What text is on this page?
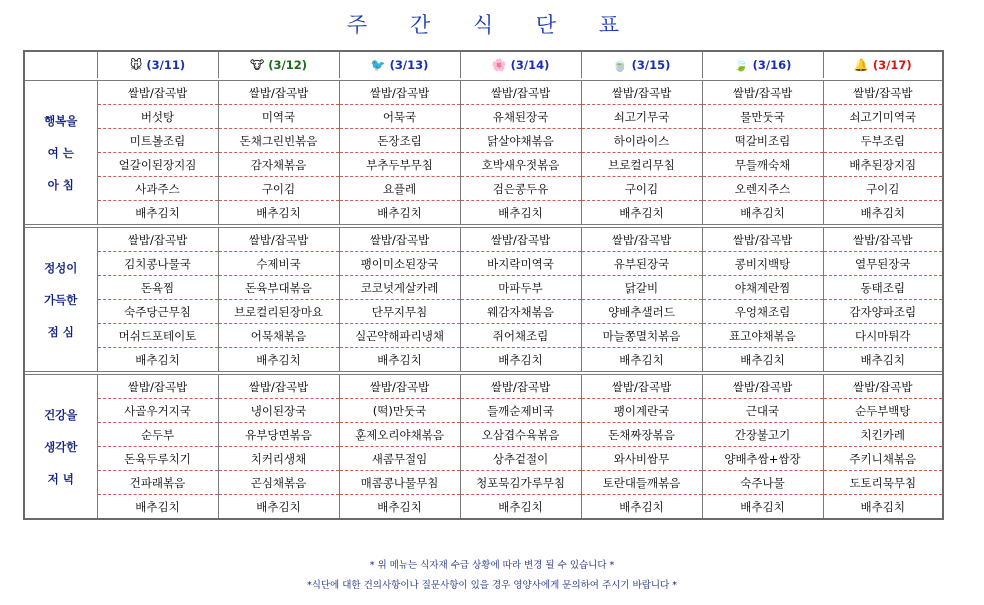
주 간 식 단 표

	🐭 (3/11)	🐮 (3/12)	🐦 (3/13)	🌸 (3/14)	🍵 (3/15)	🍃 (3/16)	🔔 (3/17)

행복을
여 는
아 침	쌀밥/잡곡밥	쌀밥/잡곡밥	쌀밥/잡곡밥	쌀밥/잡곡밥	쌀밥/잡곡밥	쌀밥/잡곡밥	쌀밥/잡곡밥
	버섯탕	미역국	어묵국	유채된장국	쇠고기무국	물만둣국	쇠고기미역국
	미트볼조림	돈채그린빈볶음	돈장조림	닭살야채볶음	하이라이스	떡갈비조림	두부조림
	얼갈이된장지짐	감자채볶음	부추두부무침	호박새우젓볶음	브로컬리무침	무들깨숙채	배추된장지짐
	사과주스	구이김	요플레	검은콩두유	구이김	오렌지주스	구이김
	배추김치	배추김치	배추김치	배추김치	배추김치	배추김치	배추김치

정성이
가득한
점 심	쌀밥/잡곡밥	쌀밥/잡곡밥	쌀밥/잡곡밥	쌀밥/잡곡밥	쌀밥/잡곡밥	쌀밥/잡곡밥	쌀밥/잡곡밥
	김치콩나물국	수제비국	팽이미소된장국	바지락미역국	유부된장국	콩비지백탕	열무된장국
	돈육찜	돈육부대볶음	코코넛게살카레	마파두부	닭갈비	야채계란찜	동태조림
	숙주당근무침	브로컬리된장마요	단무지무침	웨감자채볶음	양배추샐러드	우엉채조림	감자양파조림
	머쉬드포테이토	어묵채볶음	실곤약해파리냉채	쥐어채조림	마늘쫑멸치볶음	표고야채볶음	다시마튀각
	배추김치	배추김치	배추김치	배추김치	배추김치	배추김치	배추김치

건강을
생각한
저 녁	쌀밥/잡곡밥	쌀밥/잡곡밥	쌀밥/잡곡밥	쌀밥/잡곡밥	쌀밥/잡곡밥	쌀밥/잡곡밥	쌀밥/잡곡밥
	사골우거지국	냉이된장국	(떡)만둣국	들깨순제비국	팽이계란국	근대국	순두부백탕
	순두부	유부당면볶음	훈제오리야채볶음	오삼겹수육볶음	돈채짜장볶음	간장불고기	치킨카레
	돈육두루치기	치커리생채	새콤무절임	상추겉절이	와사비쌈무	양배추쌈+쌈장	주키니채볶음
	건파래볶음	곤심채볶음	매콤콩나물무침	청포묵김가루무침	토란대들깨볶음	숙주나물	도토리묵무침
	배추김치	배추김치	배추김치	배추김치	배추김치	배추김치	배추김치
* 위 메뉴는 식자재 수급 상황에 따라 변경 될 수 있습니다 *
*식단에 대한 건의사항이나 질문사항이 있을 경우 영양사에게 문의하여 주시기 바랍니다 *
